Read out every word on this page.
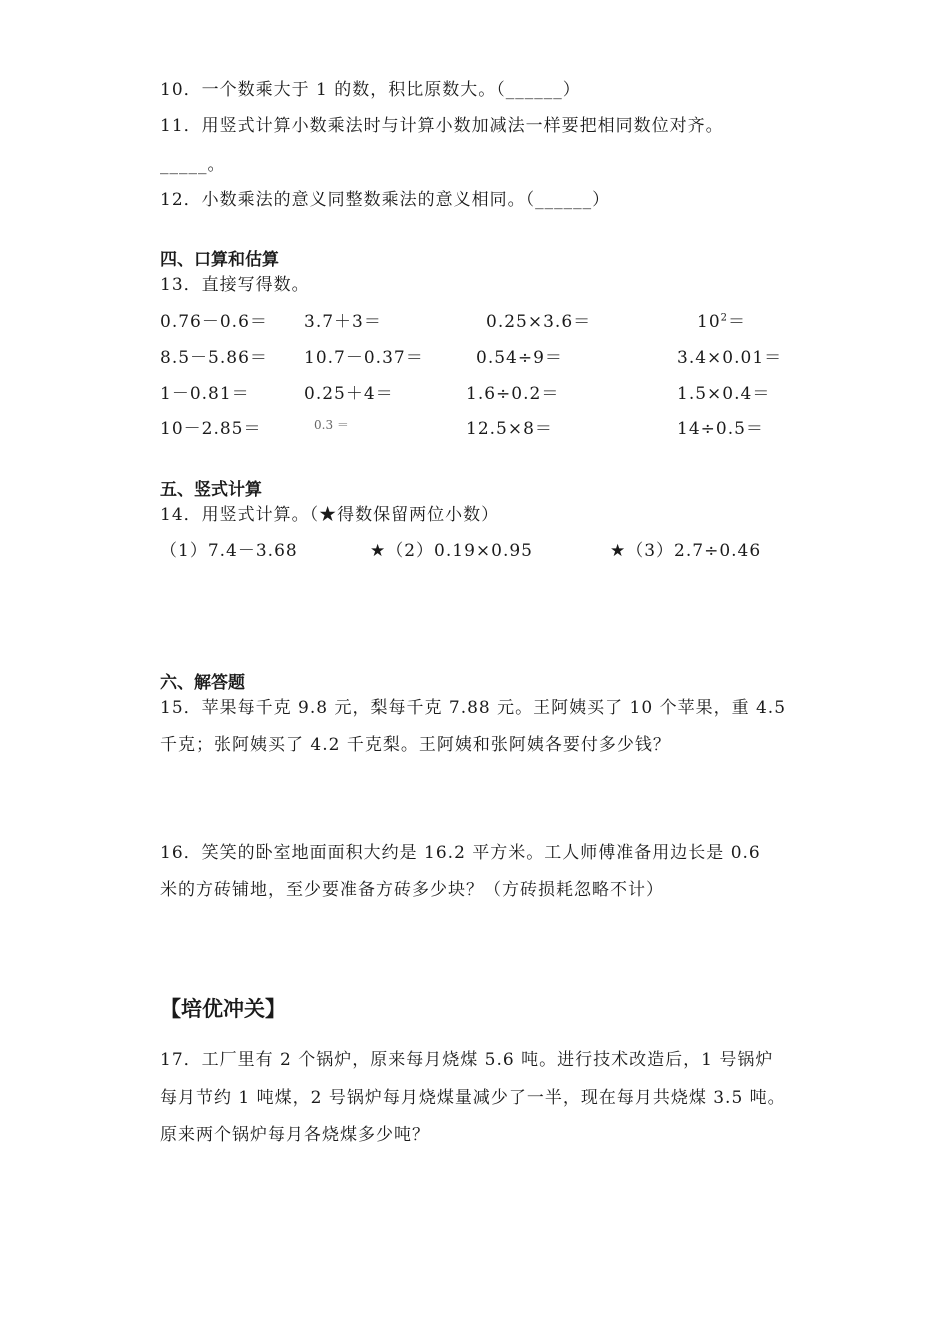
10．一个数乘大于 1 的数，积比原数大。（______）
11．用竖式计算小数乘法时与计算小数加减法一样要把相同数位对齐。
_____。
12．小数乘法的意义同整数乘法的意义相同。（______）
四、口算和估算
13．直接写得数。
0.76－0.6＝ 3.7＋3＝	0.25×3.6＝	$10^2=$
8.5－5.86＝ 10.7－0.37＝	0.54÷9＝	3.4×0.01＝
1－0.81＝	0.25＋4＝	1.6÷0.2＝	1.5×0.4＝
10－2.85＝	0.3 ＝	12.5×8＝	14÷0.5＝
五、竖式计算
14．用竖式计算。（★得数保留两位小数）
（1）7.4－3.68	★（2）0.19×0.95	★（3）2.7÷0.46
六、解答题
15．苹果每千克 9.8 元，梨每千克 7.88 元。王阿姨买了 10 个苹果，重 4.5
千克；张阿姨买了 4.2 千克梨。王阿姨和张阿姨各要付多少钱？
16．笑笑的卧室地面面积大约是 16.2 平方米。工人师傅准备用边长是 0.6
米的方砖铺地，至少要准备方砖多少块？（方砖损耗忽略不计）
【培优冲关】
17．工厂里有 2 个锅炉，原来每月烧煤 5.6 吨。进行技术改造后，1 号锅炉
每月节约 1 吨煤，2 号锅炉每月烧煤量减少了一半，现在每月共烧煤 3.5 吨。
原来两个锅炉每月各烧煤多少吨？
